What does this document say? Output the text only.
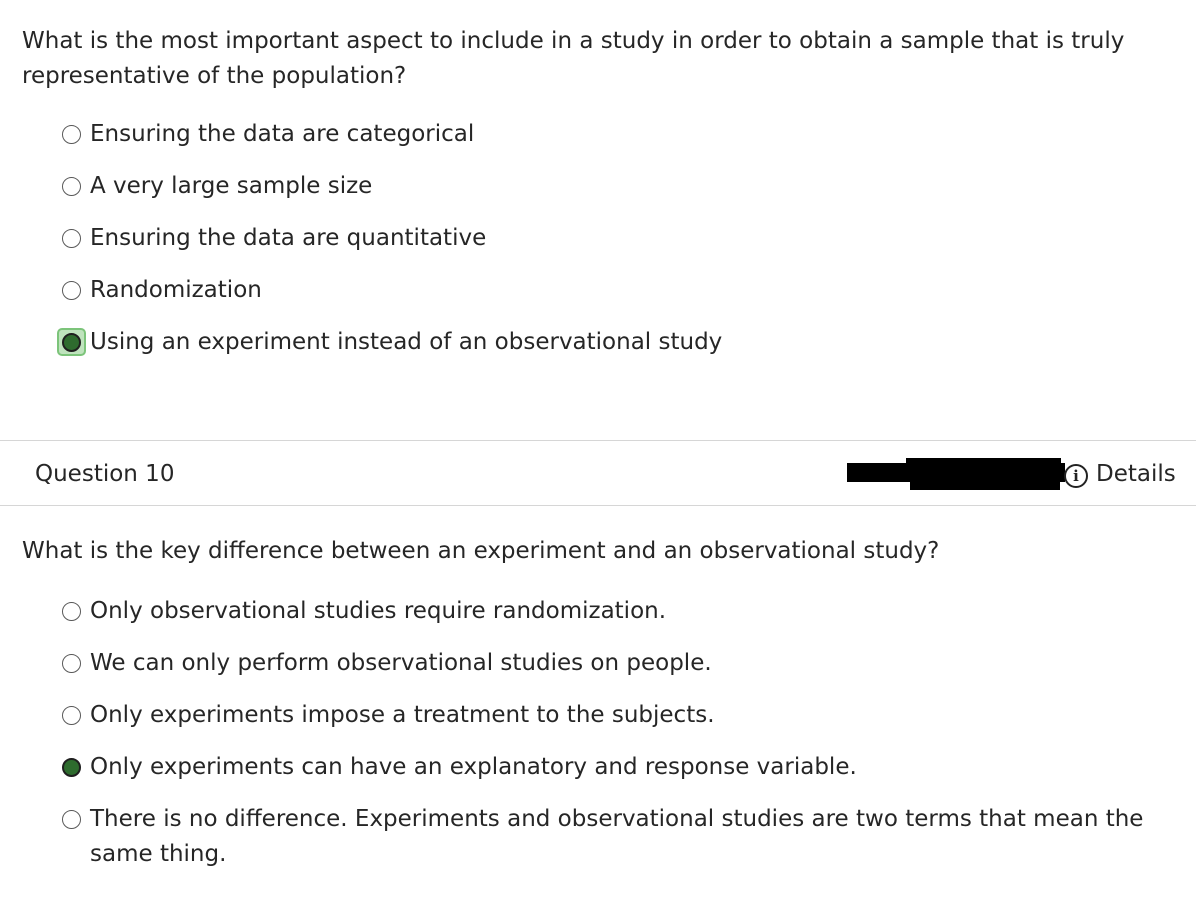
What is the most important aspect to include in a study in order to obtain a sample that is truly representative of the population?
Ensuring the data are categorical
A very large sample size
Ensuring the data are quantitative
Randomization
Using an experiment instead of an observational study
Question 10	i Details
What is the key difference between an experiment and an observational study?
Only observational studies require randomization.
We can only perform observational studies on people.
Only experiments impose a treatment to the subjects.
Only experiments can have an explanatory and response variable.
There is no difference. Experiments and observational studies are two terms that mean the same thing.
